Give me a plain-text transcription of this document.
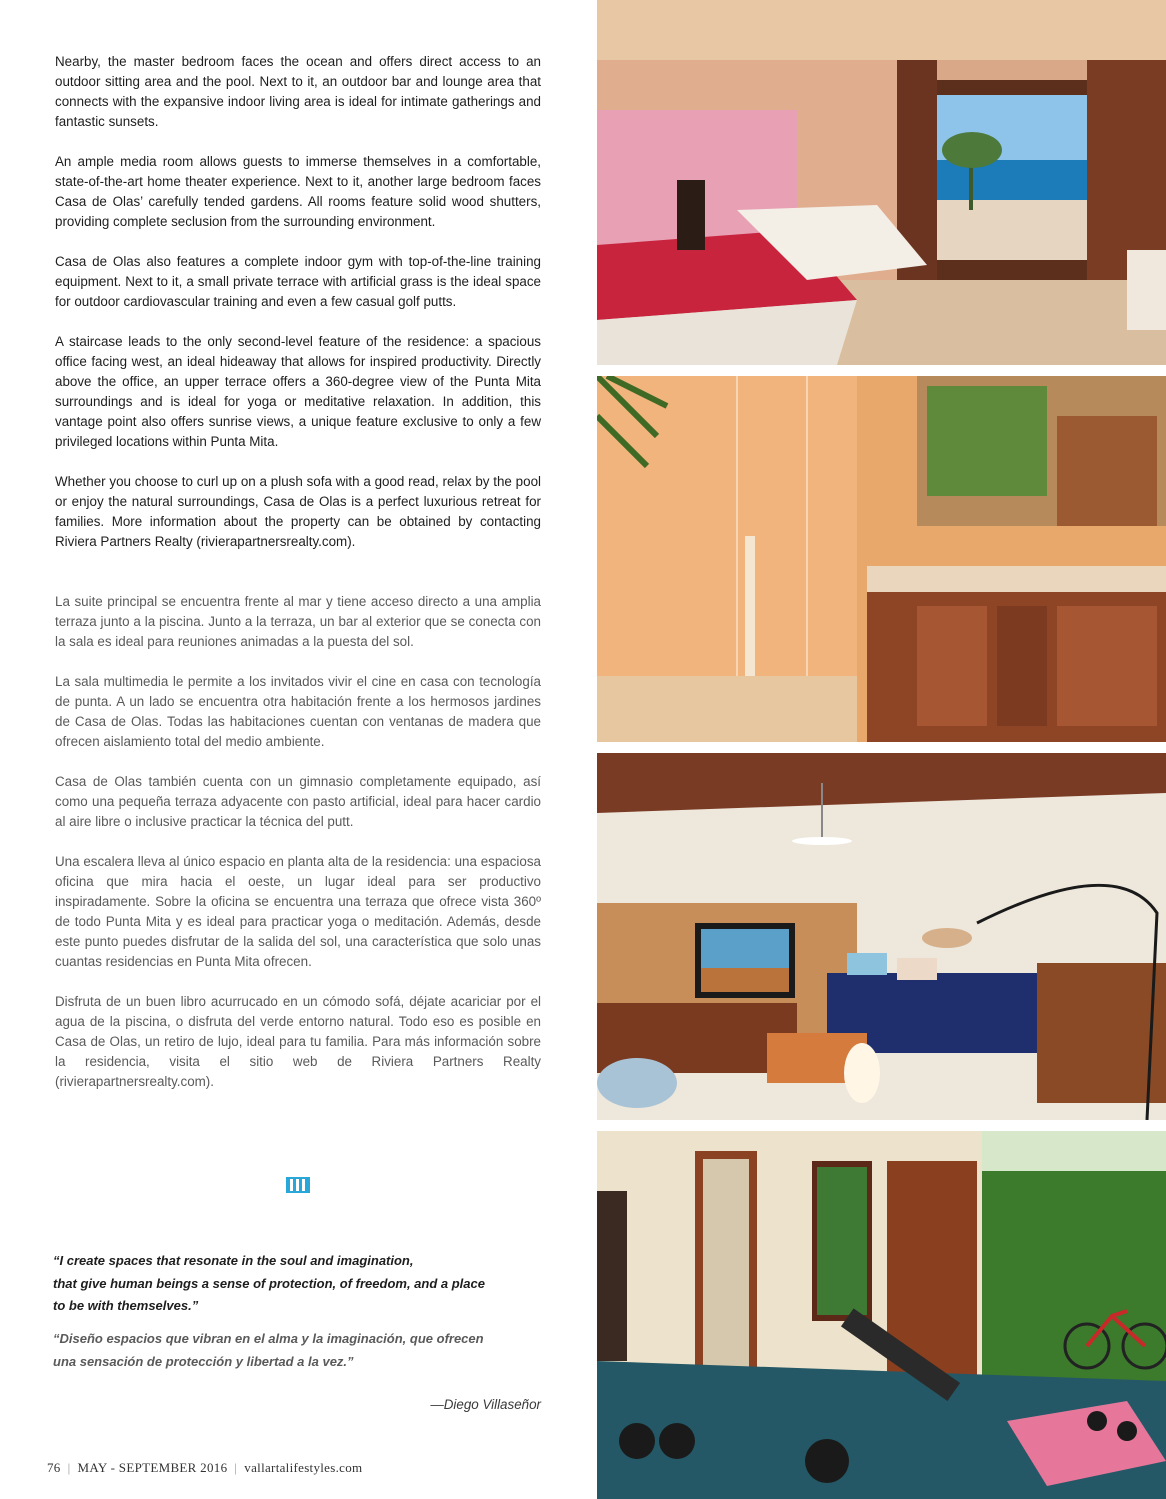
Nearby, the master bedroom faces the ocean and offers direct access to an outdoor sitting area and the pool. Next to it, an outdoor bar and lounge area that connects with the expansive indoor living area is ideal for intimate gatherings and fantastic sunsets.

An ample media room allows guests to immerse themselves in a comfortable, state-of-the-art home theater experience. Next to it, another large bedroom faces Casa de Olas’ carefully tended gardens. All rooms feature solid wood shutters, providing complete seclusion from the surrounding environment.

Casa de Olas also features a complete indoor gym with top-of-the-line training equipment. Next to it, a small private terrace with artificial grass is the ideal space for outdoor cardiovascular training and even a few casual golf putts.

A staircase leads to the only second-level feature of the residence: a spacious office facing west, an ideal hideaway that allows for inspired productivity. Directly above the office, an upper terrace offers a 360-degree view of the Punta Mita surroundings and is ideal for yoga or meditative relaxation. In addition, this vantage point also offers sunrise views, a unique feature exclusive to only a few privileged locations within Punta Mita.

Whether you choose to curl up on a plush sofa with a good read, relax by the pool or enjoy the natural surroundings, Casa de Olas is a perfect luxurious retreat for families. More information about the property can be obtained by contacting Riviera Partners Realty (rivierapartnersrealty.com).

La suite principal se encuentra frente al mar y tiene acceso directo a una amplia terraza junto a la piscina. Junto a la terraza, un bar al exterior que se conecta con la sala es ideal para reuniones animadas a la puesta del sol.

La sala multimedia le permite a los invitados vivir el cine en casa con tecnología de punta. A un lado se encuentra otra habitación frente a los hermosos jardines de Casa de Olas. Todas las habitaciones cuentan con ventanas de madera que ofrecen aislamiento total del medio ambiente.

Casa de Olas también cuenta con un gimnasio completamente equipado, así como una pequeña terraza adyacente con pasto artificial, ideal para hacer cardio al aire libre o inclusive practicar la técnica del putt.

Una escalera lleva al único espacio en planta alta de la residencia: una espaciosa oficina que mira hacia el oeste, un lugar ideal para ser productivo inspiradamente. Sobre la oficina se encuentra una terraza que ofrece vista 360º de todo Punta Mita y es ideal para practicar yoga o meditación. Además, desde este punto puedes disfrutar de la salida del sol, una característica que solo unas cuantas residencias en Punta Mita ofrecen.

Disfruta de un buen libro acurrucado en un cómodo sofá, déjate acariciar por el agua de la piscina, o disfruta del verde entorno natural. Todo eso es posible en Casa de Olas, un retiro de lujo, ideal para tu familia. Para más información sobre la residencia, visita el sitio web de Riviera Partners Realty (rivierapartnersrealty.com).

“I create spaces that resonate in the soul and imagination,
that give human beings a sense of protection, of freedom, and a place
to be with themselves.”
“Diseño espacios que vibran en el alma y la imaginación, que ofrecen
una sensación de protección y libertad a la vez.”
—Diego Villaseñor
76 | MAY - SEPTEMBER 2016 | vallartalifestyles.com
